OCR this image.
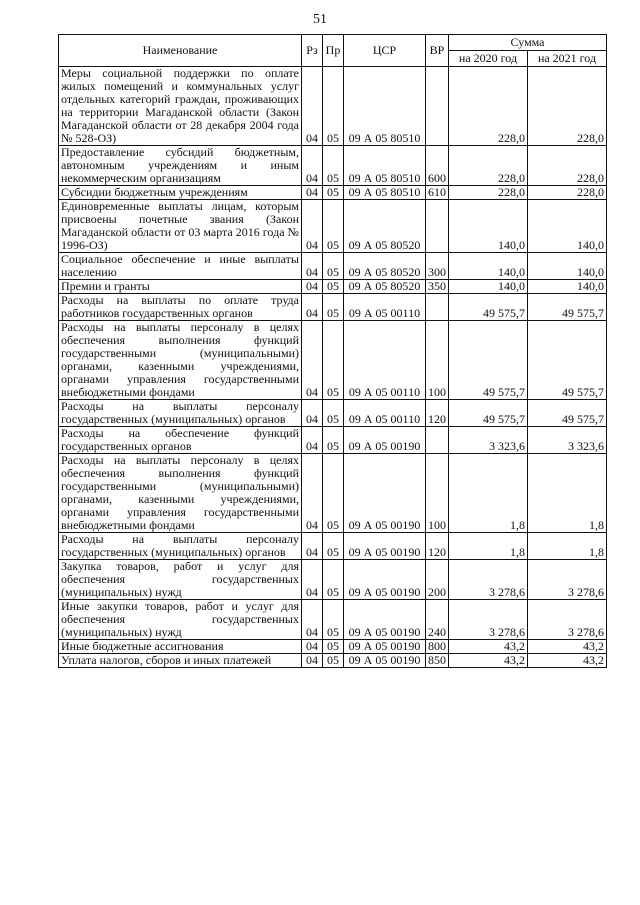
51
Наименование	Рз	Пр	ЦСР	ВР	Сумма	
					на 2020 год	на 2021 год
Меры социальной поддержки по оплате жилых помещений и коммунальных услуг отдельных категорий граждан, проживающих на территории Магаданской области (Закон Магаданской области от 28 декабря 2004 года № 528-ОЗ)	04	05	09 А 05 80510		228,0	228,0
Предоставление субсидий бюджетным, автономным учреждениям и иным некоммерческим организациям	04	05	09 А 05 80510	600	228,0	228,0
Субсидии бюджетным учреждениям	04	05	09 А 05 80510	610	228,0	228,0
Единовременные выплаты лицам, которым присвоены почетные звания (Закон Магаданской области от 03 марта 2016 года № 1996-ОЗ)	04	05	09 А 05 80520		140,0	140,0
Социальное обеспечение и иные выплаты населению	04	05	09 А 05 80520	300	140,0	140,0
Премии и гранты	04	05	09 А 05 80520	350	140,0	140,0
Расходы на выплаты по оплате труда работников государственных органов	04	05	09 А 05 00110		49 575,7	49 575,7
Расходы на выплаты персоналу в целях обеспечения выполнения функций государственными (муниципальными) органами, казенными учреждениями, органами управления государственными внебюджетными фондами	04	05	09 А 05 00110	100	49 575,7	49 575,7
Расходы на выплаты персоналу государственных (муниципальных) органов	04	05	09 А 05 00110	120	49 575,7	49 575,7
Расходы на обеспечение функций государственных органов	04	05	09 А 05 00190		3 323,6	3 323,6
Расходы на выплаты персоналу в целях обеспечения выполнения функций государственными (муниципальными) органами, казенными учреждениями, органами управления государственными внебюджетными фондами	04	05	09 А 05 00190	100	1,8	1,8
Расходы на выплаты персоналу государственных (муниципальных) органов	04	05	09 А 05 00190	120	1,8	1,8
Закупка товаров, работ и услуг для обеспечения государственных (муниципальных) нужд	04	05	09 А 05 00190	200	3 278,6	3 278,6
Иные закупки товаров, работ и услуг для обеспечения государственных (муниципальных) нужд	04	05	09 А 05 00190	240	3 278,6	3 278,6
Иные бюджетные ассигнования	04	05	09 А 05 00190	800	43,2	43,2
Уплата налогов, сборов и иных платежей	04	05	09 А 05 00190	850	43,2	43,2
